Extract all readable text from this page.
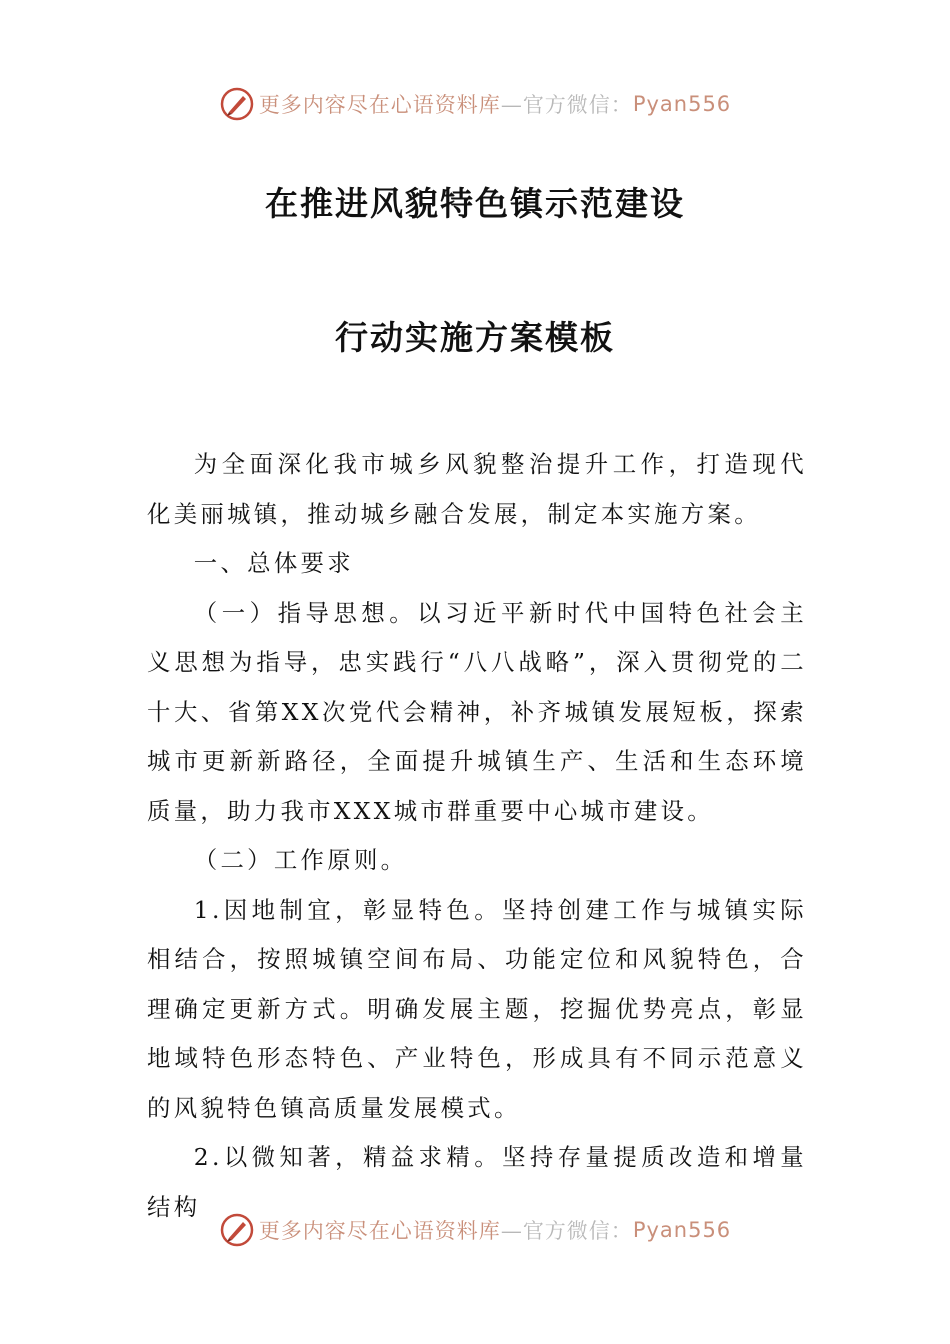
更多内容尽在心语资料库 —官方微信： Pyan556
在推进风貌特色镇示范建设
行动实施方案模板

为全面深化我市城乡风貌整治提升工作，打造现代化美丽城镇，推动城乡融合发展，制定本实施方案。

一、总体要求

（一）指导思想。以习近平新时代中国特色社会主义思想为指导，忠实践行“八八战略”，深入贯彻党的二十大、省第XX次党代会精神，补齐城镇发展短板，探索城市更新新路径，全面提升城镇生产、生活和生态环境质量，助力我市XXX城市群重要中心城市建设。

（二）工作原则。

1.因地制宜，彰显特色。坚持创建工作与城镇实际相结合，按照城镇空间布局、功能定位和风貌特色，合理确定更新方式。明确发展主题，挖掘优势亮点，彰显地域特色形态特色、产业特色，形成具有不同示范意义的风貌特色镇高质量发展模式。

2.以微知著，精益求精。坚持存量提质改造和增量结构

更多内容尽在心语资料库 —官方微信： Pyan556
